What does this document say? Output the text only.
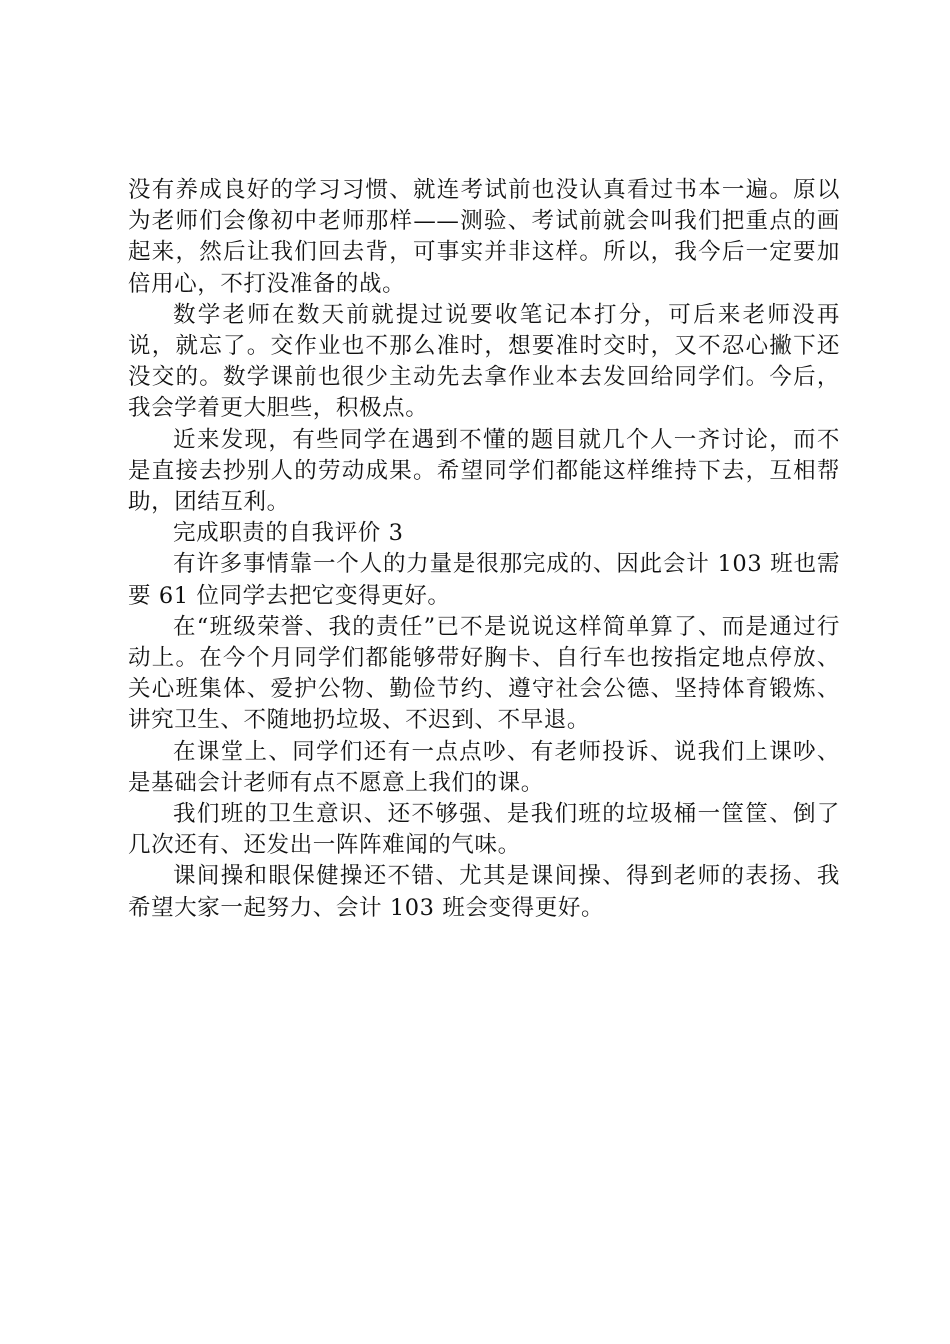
没有养成良好的学习习惯、就连考试前也没认真看过书本一遍。原以为老师们会像初中老师那样——测验、考试前就会叫我们把重点的画起来，然后让我们回去背，可事实并非这样。所以，我今后一定要加倍用心，不打没准备的战。

数学老师在数天前就提过说要收笔记本打分，可后来老师没再说，就忘了。交作业也不那么准时，想要准时交时，又不忍心撇下还没交的。数学课前也很少主动先去拿作业本去发回给同学们。今后，我会学着更大胆些，积极点。

近来发现，有些同学在遇到不懂的题目就几个人一齐讨论，而不是直接去抄别人的劳动成果。希望同学们都能这样维持下去，互相帮助，团结互利。

完成职责的自我评价 3

有许多事情靠一个人的力量是很那完成的、因此会计 103 班也需要 61 位同学去把它变得更好。

在“班级荣誉、我的责任”已不是说说这样简单算了、而是通过行动上。在今个月同学们都能够带好胸卡、自行车也按指定地点停放、关心班集体、爱护公物、勤俭节约、遵守社会公德、坚持体育锻炼、讲究卫生、不随地扔垃圾、不迟到、不早退。

在课堂上、同学们还有一点点吵、有老师投诉、说我们上课吵、是基础会计老师有点不愿意上我们的课。

我们班的卫生意识、还不够强、是我们班的垃圾桶一筐筐、倒了几次还有、还发出一阵阵难闻的气味。

课间操和眼保健操还不错、尤其是课间操、得到老师的表扬、我希望大家一起努力、会计 103 班会变得更好。
